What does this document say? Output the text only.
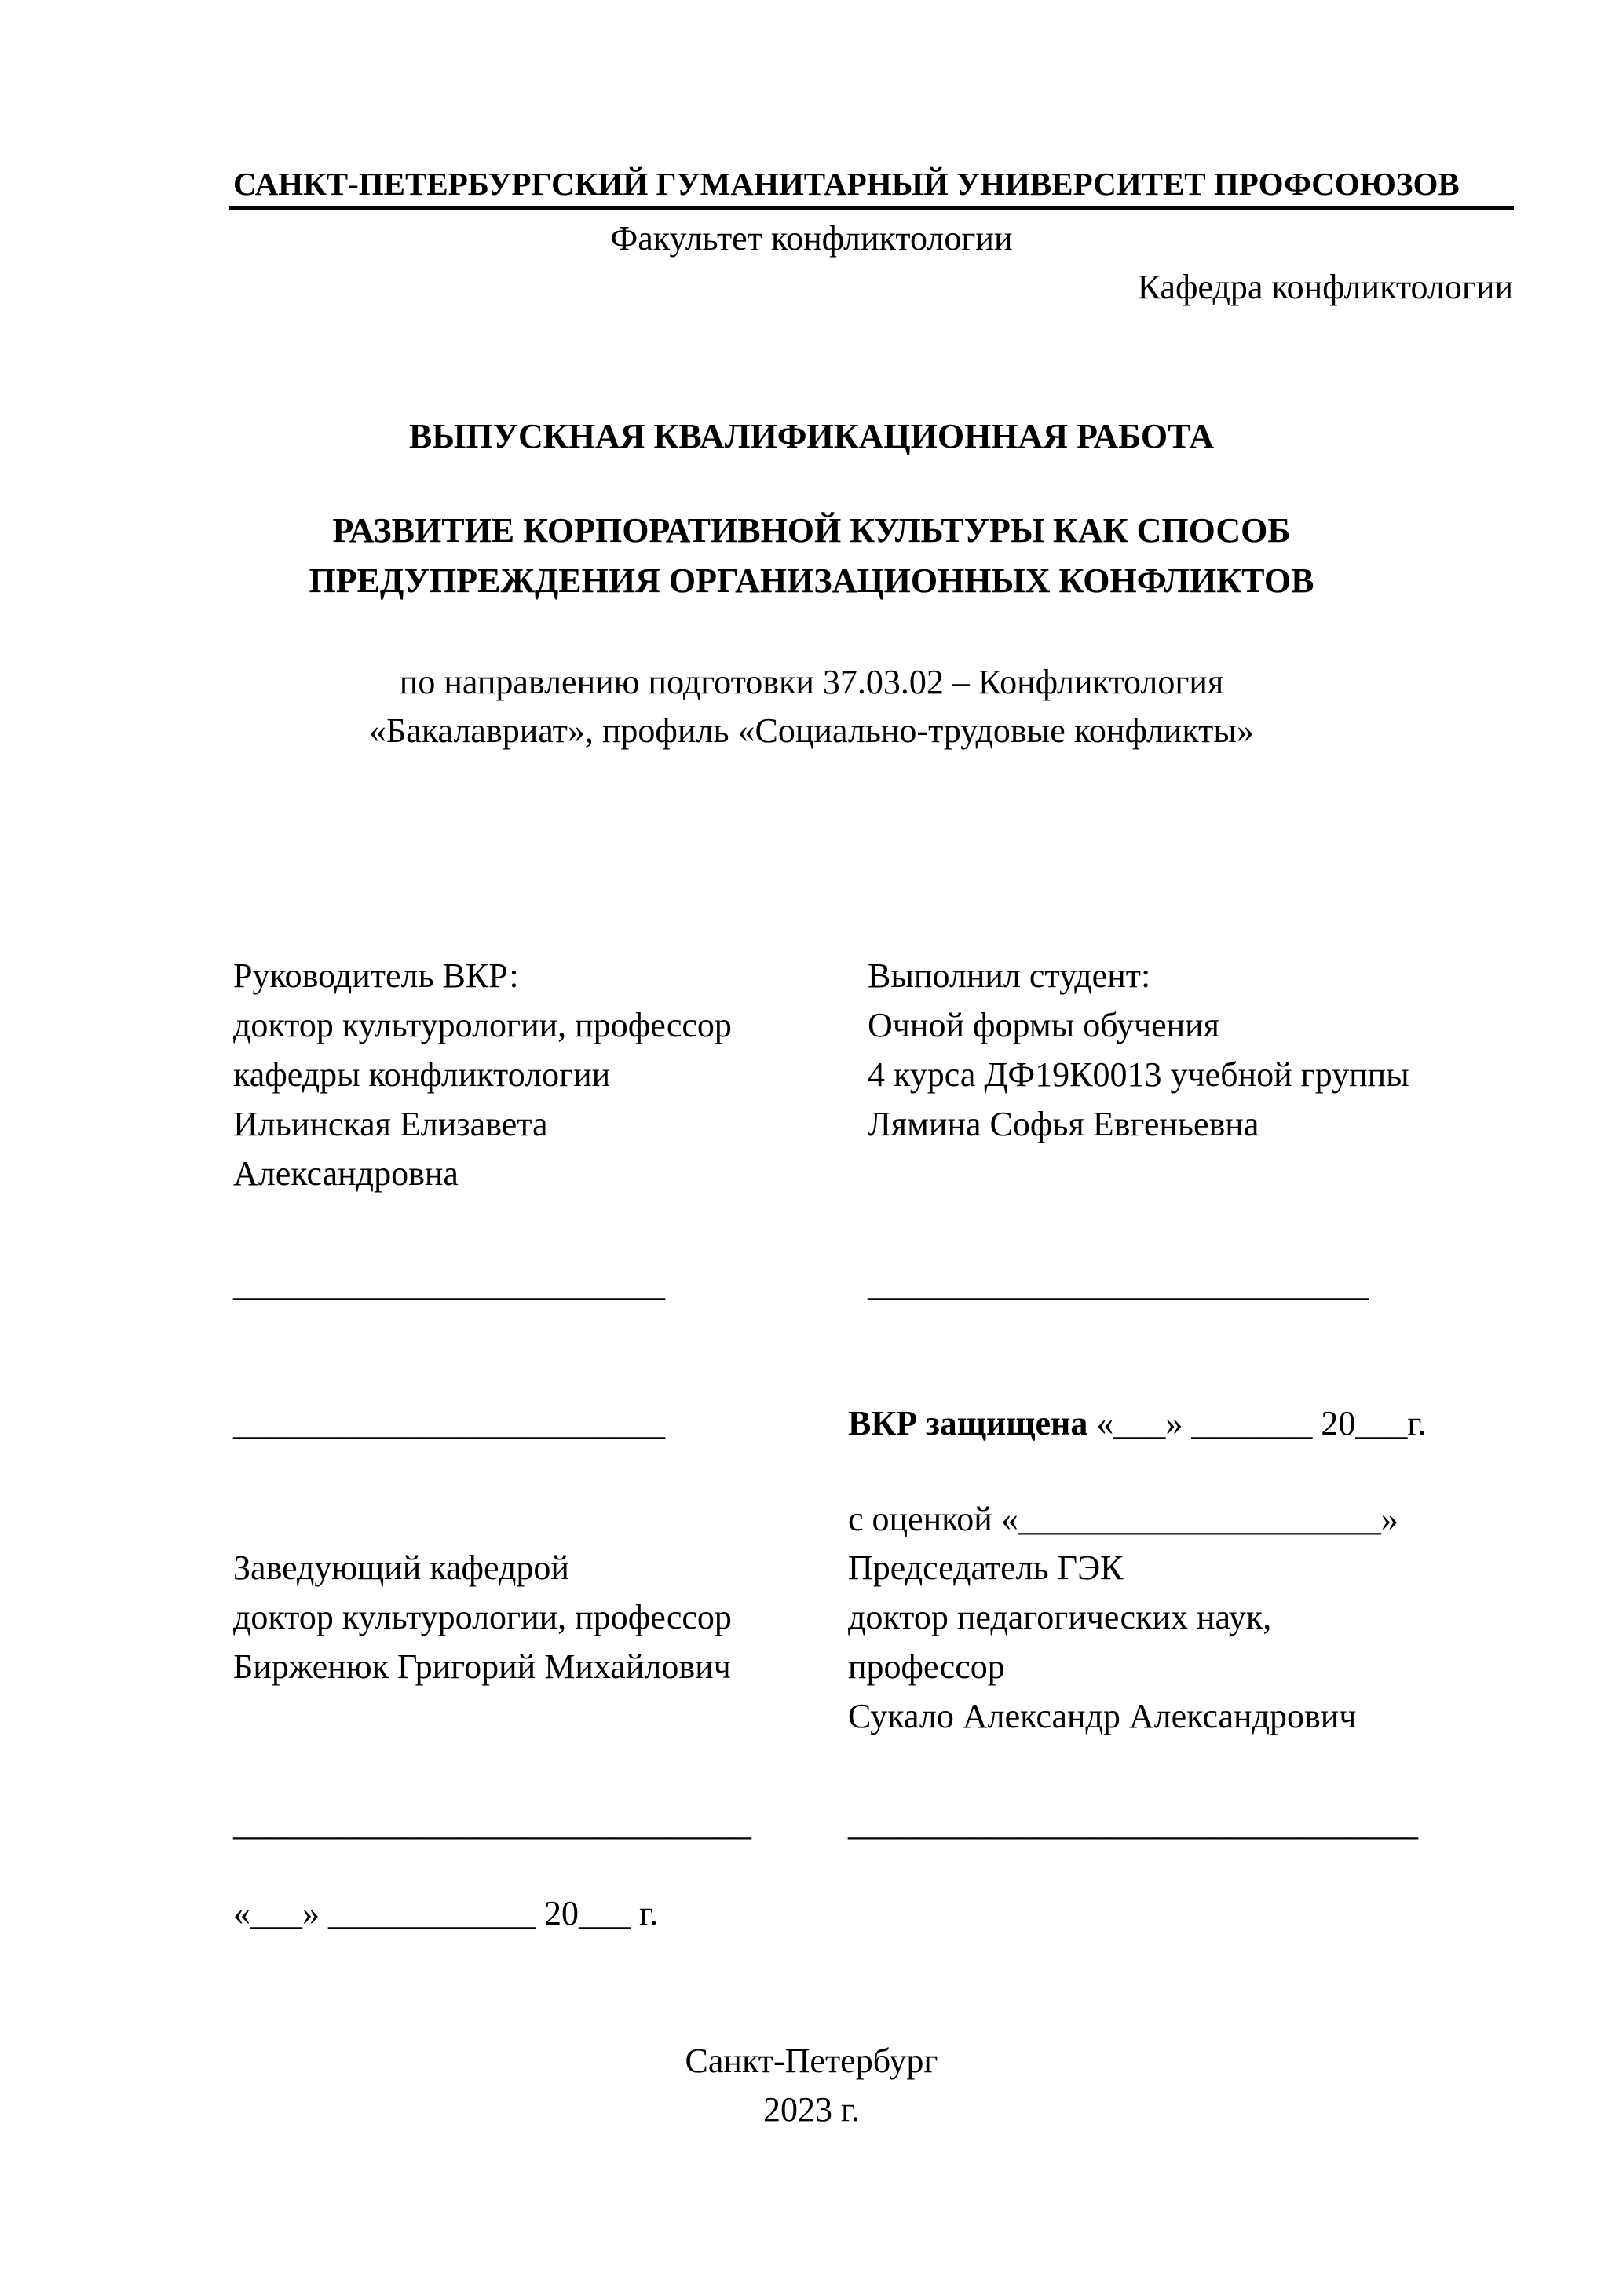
САНКТ-ПЕТЕРБУРГСКИЙ ГУМАНИТАРНЫЙ УНИВЕРСИТЕТ ПРОФСОЮЗОВ
Факультет конфликтологии
Кафедра конфликтологии
ВЫПУСКНАЯ КВАЛИФИКАЦИОННАЯ РАБОТА
РАЗВИТИЕ КОРПОРАТИВНОЙ КУЛЬТУРЫ КАК СПОСОБ
ПРЕДУПРЕЖДЕНИЯ ОРГАНИЗАЦИОННЫХ КОНФЛИКТОВ
по направлению подготовки 37.03.02 – Конфликтология
«Бакалавриат», профиль «Социально-трудовые конфликты»
Руководитель ВКР:
доктор культурологии, профессор
кафедры конфликтологии
Ильинская Елизавета
Александровна
_________________________
Выполнил студент:
Очной формы обучения
4 курса ДФ19К0013 учебной группы
Лямина Софья Евгеньевна
_____________________________
_________________________	ВКР защищена «___» _______ 20___г.
с оценкой «_____________________»
Заведующий кафедрой
доктор культурологии, профессор
Бирженюк Григорий Михайлович
______________________________
«___» ____________ 20___ г.
Председатель ГЭК
доктор педагогических наук,
профессор
Сукало Александр Александрович
_________________________________
Санкт-Петербург
2023 г.
